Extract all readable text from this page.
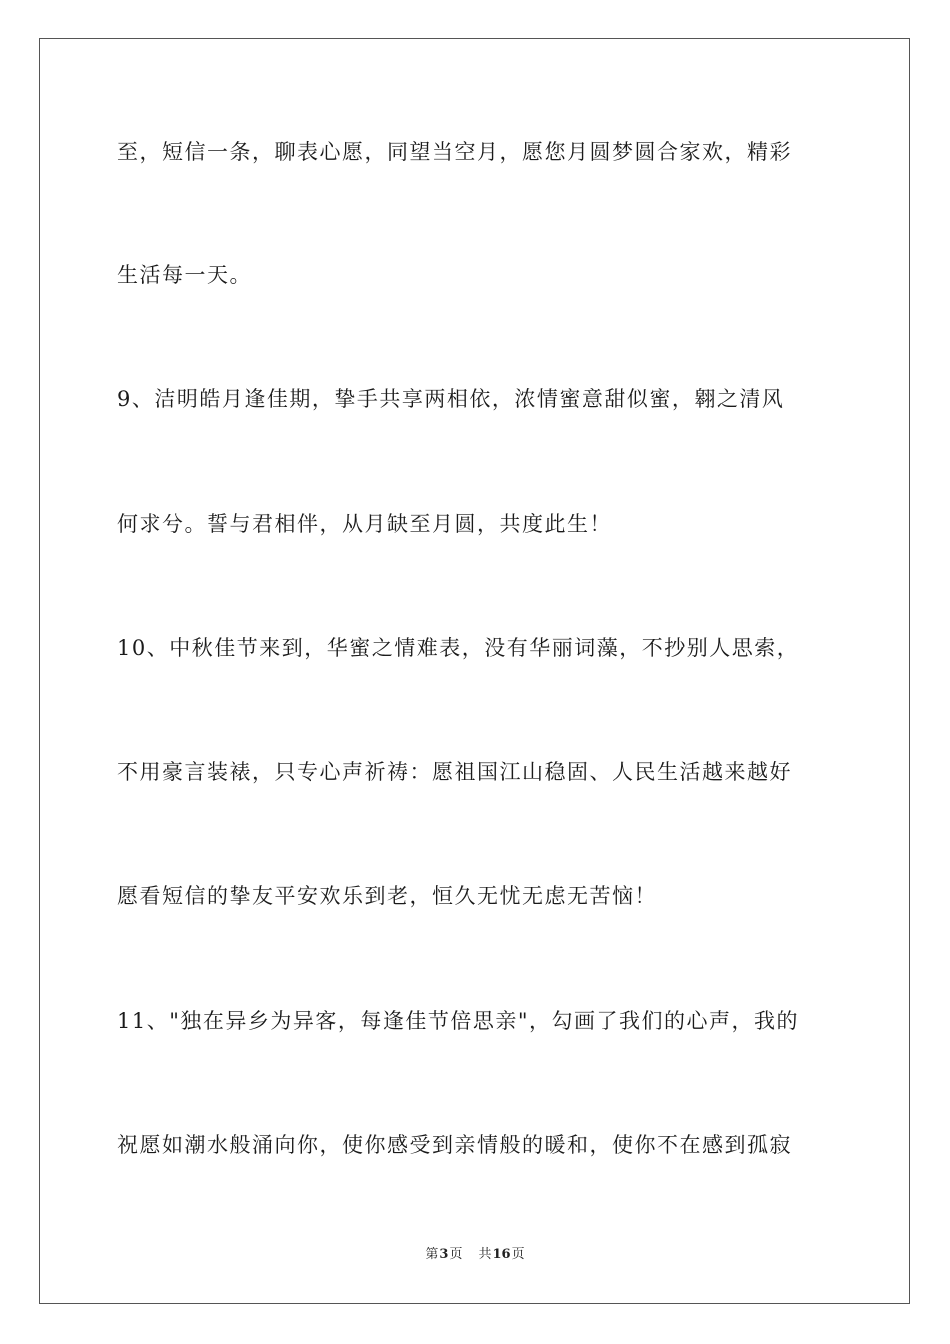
至，短信一条，聊表心愿，同望当空月，愿您月圆梦圆合家欢，精彩
生活每一天。
9、洁明皓月逢佳期，挚手共享两相依，浓情蜜意甜似蜜，翱之清风
何求兮。誓与君相伴，从月缺至月圆，共度此生！
10、中秋佳节来到，华蜜之情难表，没有华丽词藻，不抄别人思索，
不用豪言装裱，只专心声祈祷：愿祖国江山稳固、人民生活越来越好
愿看短信的挚友平安欢乐到老，恒久无忧无虑无苦恼！
11、"独在异乡为异客，每逢佳节倍思亲"，勾画了我们的心声，我的
祝愿如潮水般涌向你，使你感受到亲情般的暖和，使你不在感到孤寂
第3页 共16页
